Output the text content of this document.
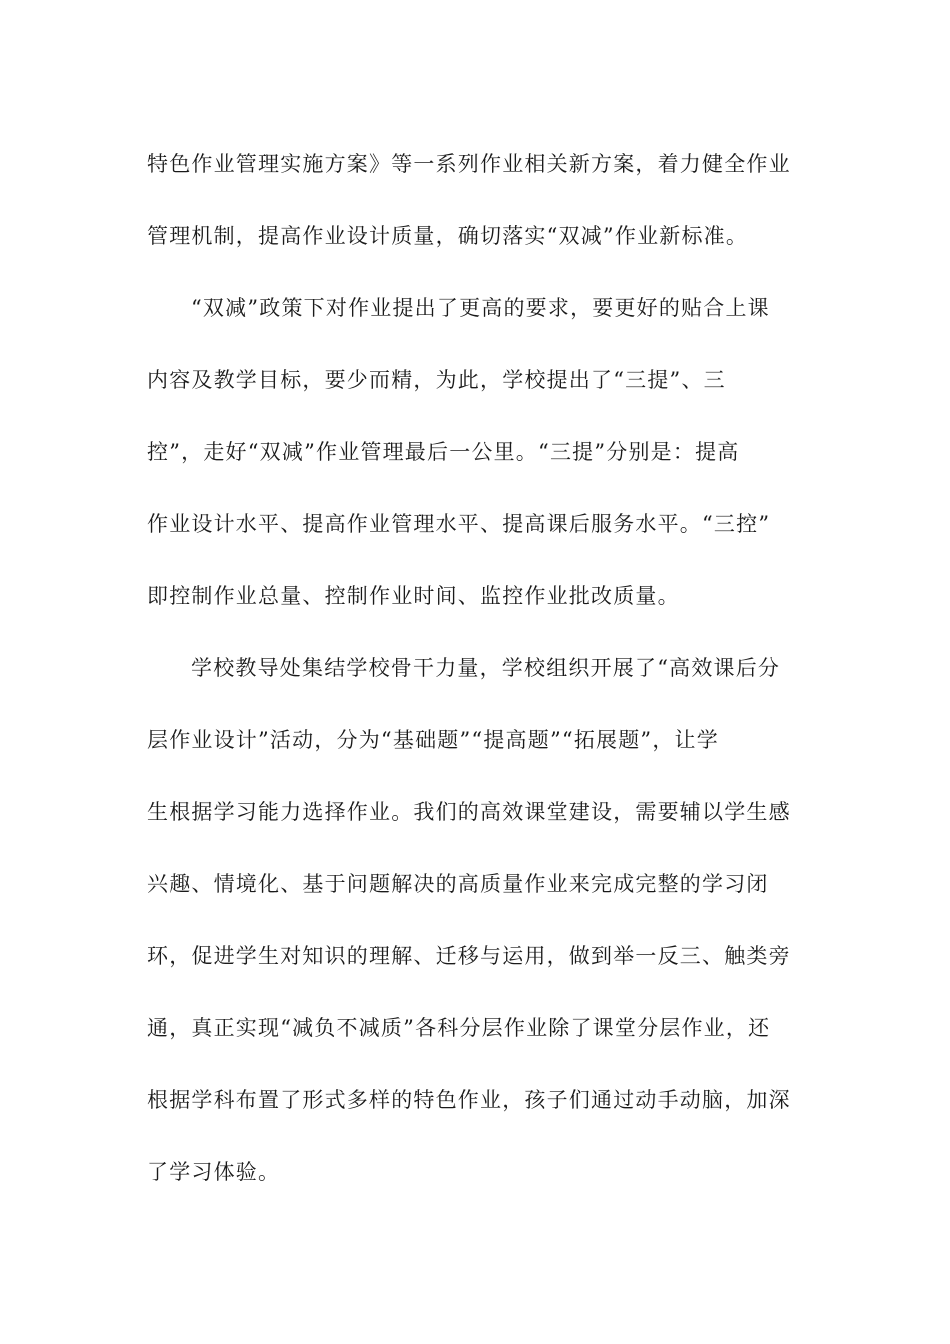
特色作业管理实施方案》等一系列作业相关新方案，着力健全作业
管理机制，提高作业设计质量，确切落实“双减”作业新标准。
“双减”政策下对作业提出了更高的要求，要更好的贴合上课
内容及教学目标，要少而精，为此，学校提出了“三提”、三
控”，走好“双减”作业管理最后一公里。“三提”分别是：提高
作业设计水平、提高作业管理水平、提高课后服务水平。“三控”
即控制作业总量、控制作业时间、监控作业批改质量。
学校教导处集结学校骨干力量，学校组织开展了“高效课后分
层作业设计”活动，分为“基础题”“提高题”“拓展题”，让学
生根据学习能力选择作业。我们的高效课堂建设，需要辅以学生感
兴趣、情境化、基于问题解决的高质量作业来完成完整的学习闭
环，促进学生对知识的理解、迁移与运用，做到举一反三、触类旁
通，真正实现“减负不减质”各科分层作业除了课堂分层作业，还
根据学科布置了形式多样的特色作业，孩子们通过动手动脑，加深
了学习体验。
